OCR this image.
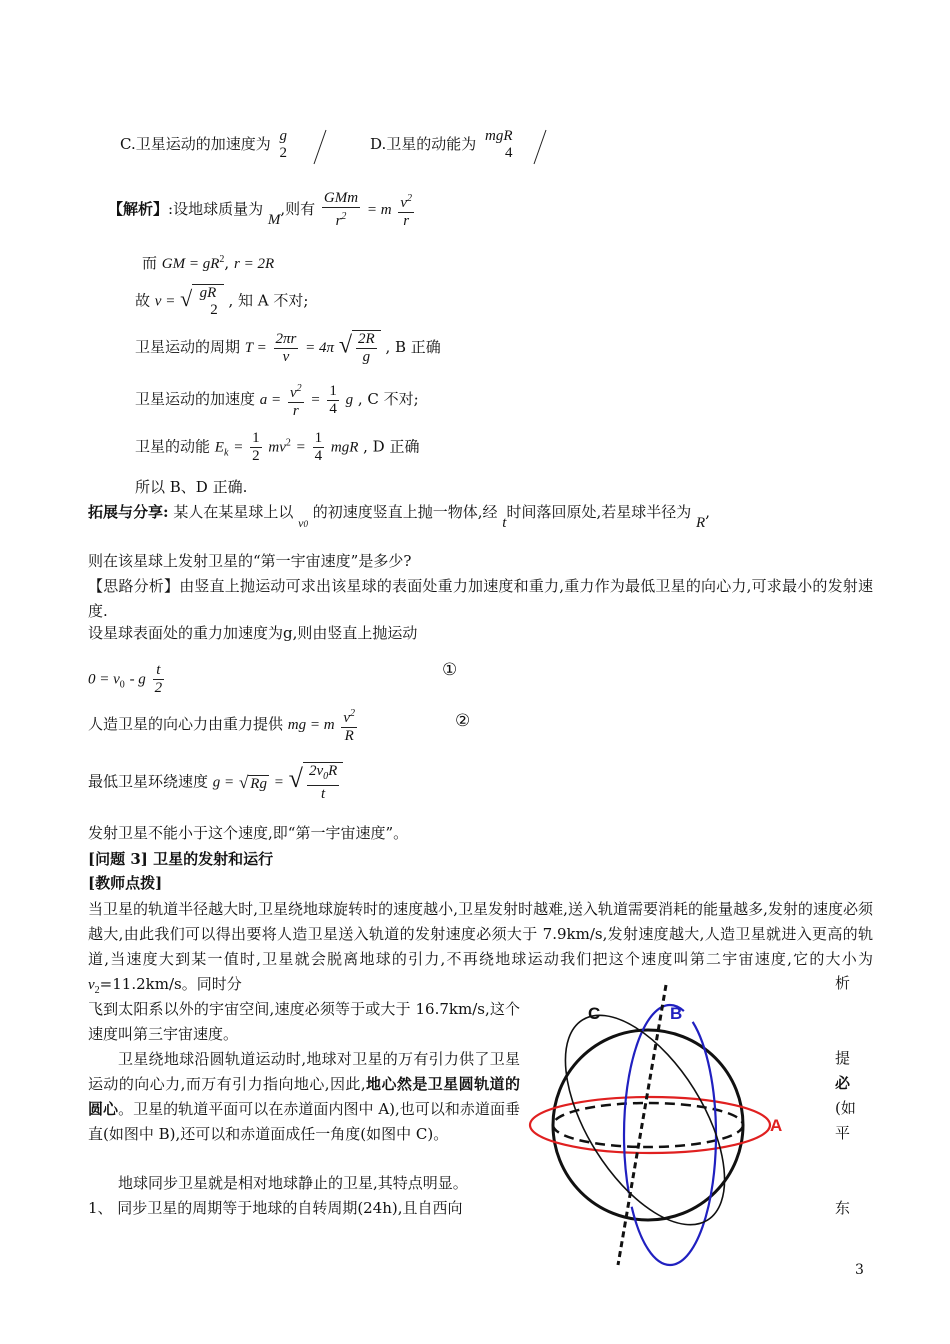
C.卫星运动的加速度为 g
2	D.卫星的动能为 mgR
4
【解析】:设地球质量为 M,则有 $\frac{\text{GMm}}{r^2} = m \frac{v^2}{r}$
而 GM = $gR^2$, r = 2R
故 v = √ gR
2
, 知 A 不对;
卫星运动的周期 $T = \frac{2\pi r}{v} = 4\pi$ √ $\frac{2R}{g}$ , B 正确
卫星运动的加速度 $a = \frac{v^2}{r} = \frac{1}{4}$ g , C 不对;
卫星的动能 $E_k = \frac{1}{2} mv^2 = \frac{1}{4}$ mgR , D 正确
所以 B、D 正确.
拓展与分享: 某人在某星球上以 $_{v0}$ 的初速度竖直上抛一物体,经 t时间落回原处,若星球半径为 R,
则在该星球上发射卫星的“第一宇宙速度”是多少?
【思路分析】由竖直上抛运动可求出该星球的表面处重力加速度和重力,重力作为最低卫星的向心力,可求最小的发射速度.
设星球表面处的重力加速度为g,则由竖直上抛运动
$0 = v_0 - g \frac{t}{2}$	①
人造卫星的向心力由重力提供 mg = m $\frac{v^2}{R}$	②
最低卫星环绕速度 g = √ Rg = √ $\frac{2v_0R}{t}$
发射卫星不能小于这个速度,即“第一宇宙速度”。
[问题 3] 卫星的发射和运行
[教师点拨]
当卫星的轨道半径越大时,卫星绕地球旋转时的速度越小,卫星发射时越难,送入轨道需要消耗的能量越多,发射的速度必须越大,由此我们可以得出要将人造卫星送入轨道的发射速度必须大于 7.9km/s,发射速度越大,人造卫星就进入更高的轨道,当速度大到某一值时,卫星就会脱离地球的引力,不再绕地球运动我们把这个速度叫第二宇宙速度,它的大小为 $v_2=11.2km/s$。同时分
飞到太阳系以外的宇宙空间,速度必须等于或大于 16.7km/s,这个速度叫第三宇宙速度。
卫星绕地球沿圆轨道运动时,地球对卫星的万有引力供了卫星运动的向心力,而万有引力指向地心,因此,地心然是卫星圆轨道的圆心。卫星的轨道平面可以在赤道面内图中 A),也可以和赤道面垂直(如图中 B),还可以和赤道面成任一角度(如图中 C)。
地球同步卫星就是相对地球静止的卫星,其特点明显。
1、 同步卫星的周期等于地球的自转周期(24h),且自西向
析
提
必
(如
平
东
C	B
A
3
